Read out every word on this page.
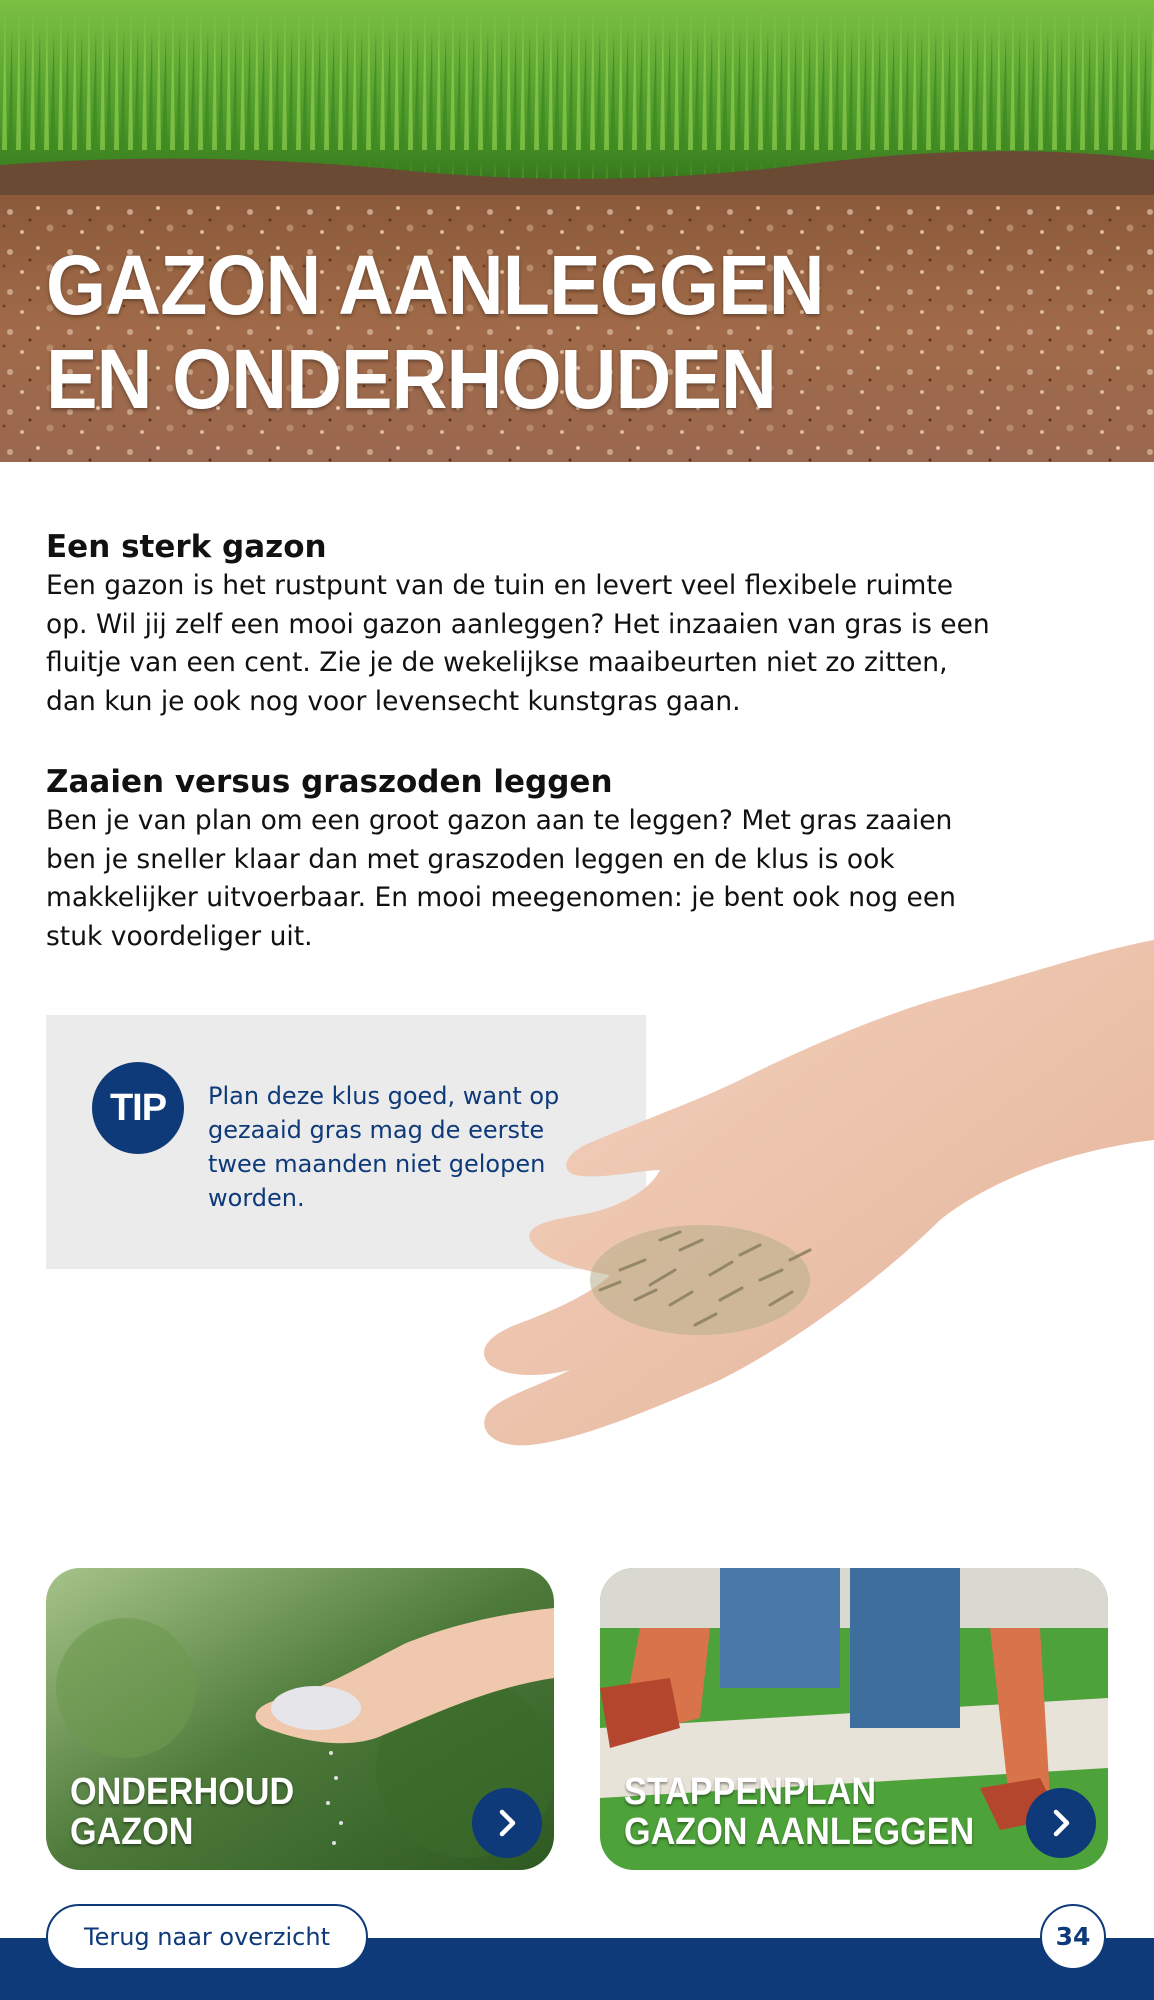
GAZON AANLEGGEN
EN ONDERHOUDEN
Een sterk gazon

Een gazon is het rustpunt van de tuin en levert veel flexibele ruimte
op. Wil jij zelf een mooi gazon aanleggen? Het inzaaien van gras is een
fluitje van een cent. Zie je de wekelijkse maaibeurten niet zo zitten,
dan kun je ook nog voor levensecht kunstgras gaan.

Zaaien versus graszoden leggen

Ben je van plan om een groot gazon aan te leggen? Met gras zaaien
ben je sneller klaar dan met graszoden leggen en de klus is ook
makkelijker uitvoerbaar. En mooi meegenomen: je bent ook nog een
stuk voordeliger uit.

TIP	Plan deze klus goed, want op
gezaaid gras mag de eerste
twee maanden niet gelopen
worden.
ONDERHOUD
GAZON
STAPPENPLAN
GAZON AANLEGGEN
Terug naar overzicht	34
